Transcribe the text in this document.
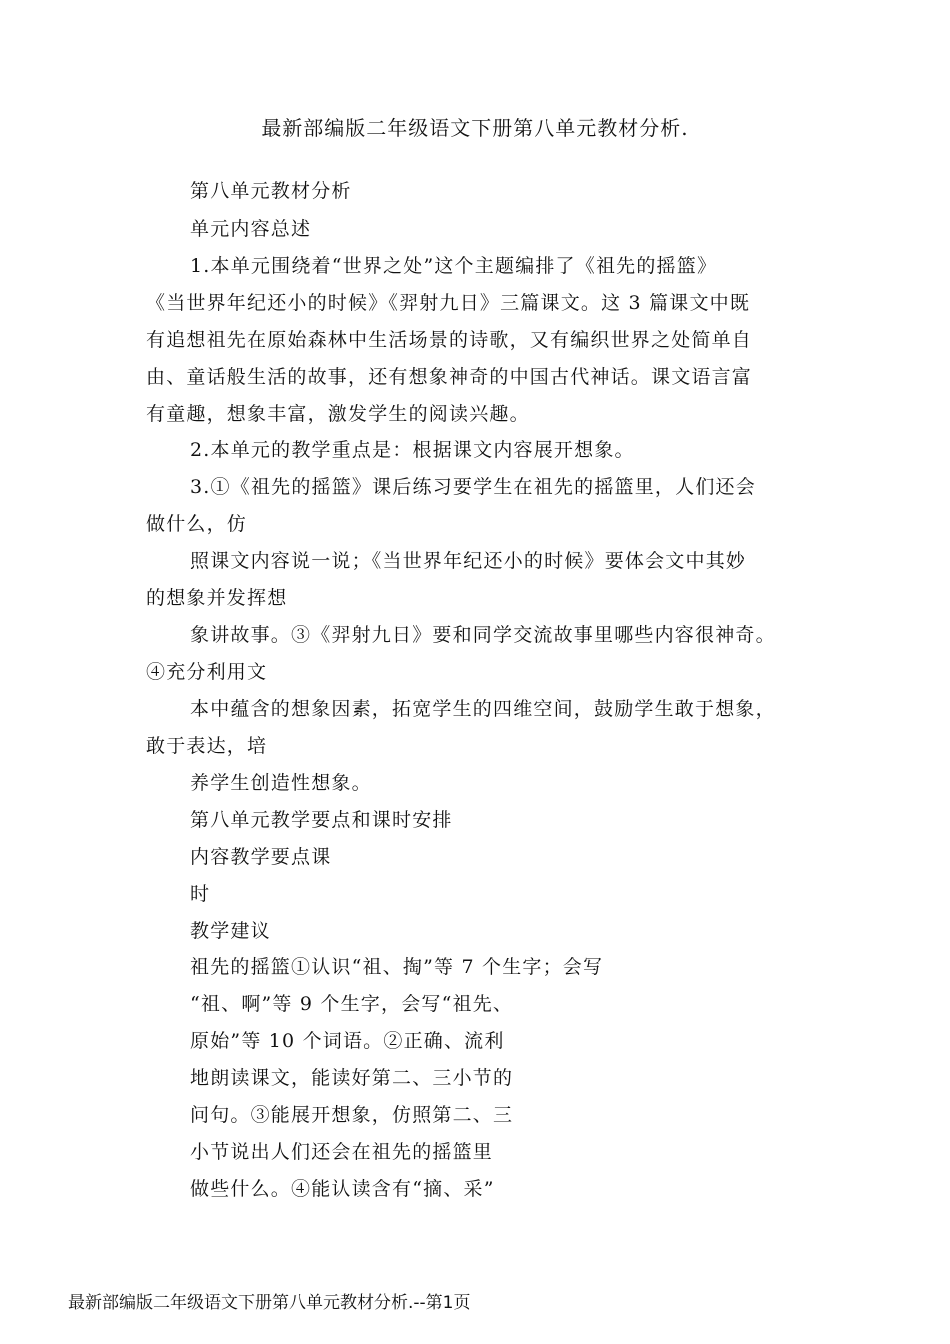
最新部编版二年级语文下册第八单元教材分析.
第八单元教材分析
单元内容总述
1.本单元围绕着“世界之处”这个主题编排了《祖先的摇篮》
《当世界年纪还小的时候》《羿射九日》三篇课文。这 3 篇课文中既
有追想祖先在原始森林中生活场景的诗歌，又有编织世界之处简单自
由、童话般生活的故事，还有想象神奇的中国古代神话。课文语言富
有童趣，想象丰富，激发学生的阅读兴趣。
2.本单元的教学重点是：根据课文内容展开想象。
3.①《祖先的摇篮》课后练习要学生在祖先的摇篮里，人们还会
做什么，仿
照课文内容说一说；《当世界年纪还小的时候》要体会文中其妙
的想象并发挥想
象讲故事。③《羿射九日》要和同学交流故事里哪些内容很神奇。
④充分利用文
本中蕴含的想象因素，拓宽学生的四维空间，鼓励学生敢于想象，
敢于表达，培
养学生创造性想象。
第八单元教学要点和课时安排
内容教学要点课
时
教学建议
祖先的摇篮①认识“祖、掏”等 7 个生字；会写
“祖、啊”等 9 个生字，会写“祖先、
原始”等 10 个词语。②正确、流利
地朗读课文，能读好第二、三小节的
问句。③能展开想象，仿照第二、三
小节说出人们还会在祖先的摇篮里
做些什么。④能认读含有“摘、采”
最新部编版二年级语文下册第八单元教材分析.--第1页
